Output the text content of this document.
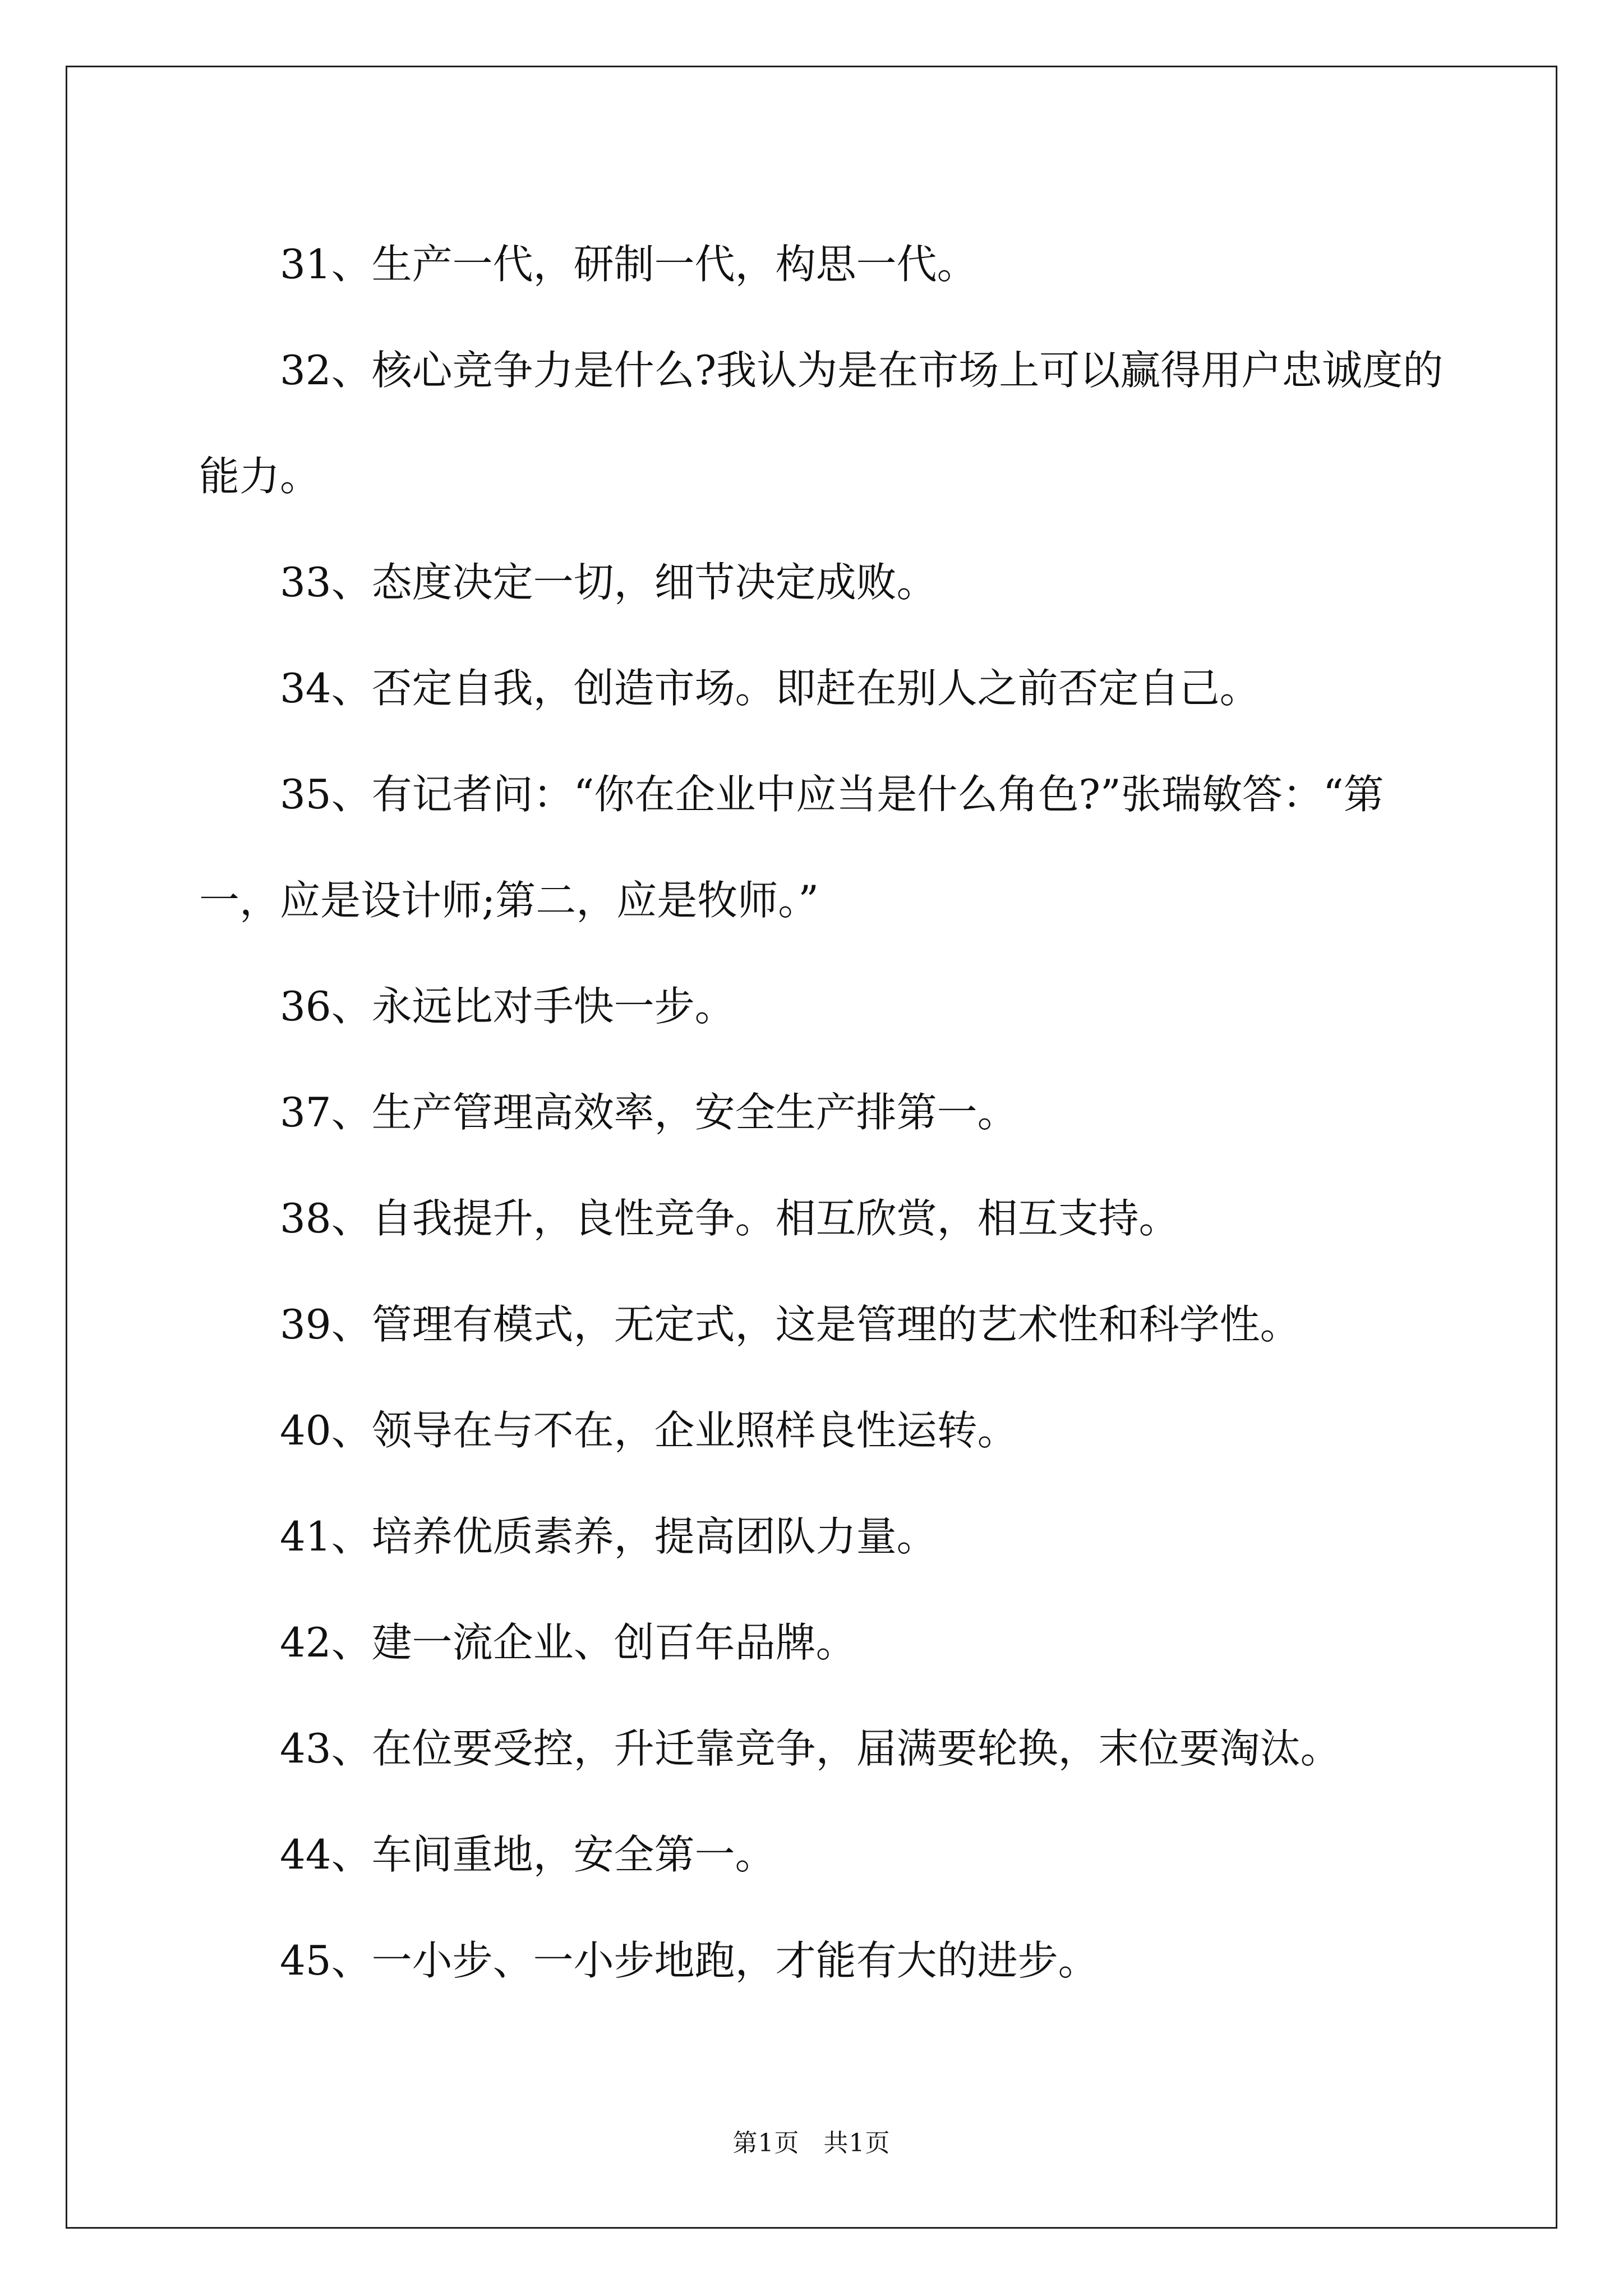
31、生产一代，研制一代，构思一代。
32、核心竞争力是什么?我认为是在市场上可以赢得用户忠诚度的
能力。
33、态度决定一切，细节决定成败。
34、否定自我，创造市场。即赶在别人之前否定自己。
35、有记者问：“你在企业中应当是什么角色?”张瑞敏答：“第
一，应是设计师;第二，应是牧师。”
36、永远比对手快一步。
37、生产管理高效率，安全生产排第一。
38、自我提升，良性竞争。相互欣赏，相互支持。
39、管理有模式，无定式，这是管理的艺术性和科学性。
40、领导在与不在，企业照样良性运转。
41、培养优质素养，提高团队力量。
42、建一流企业、创百年品牌。
43、在位要受控，升迁靠竞争，届满要轮换，末位要淘汰。
44、车间重地，安全第一。
45、一小步、一小步地跑，才能有大的进步。
第1页 共1页
